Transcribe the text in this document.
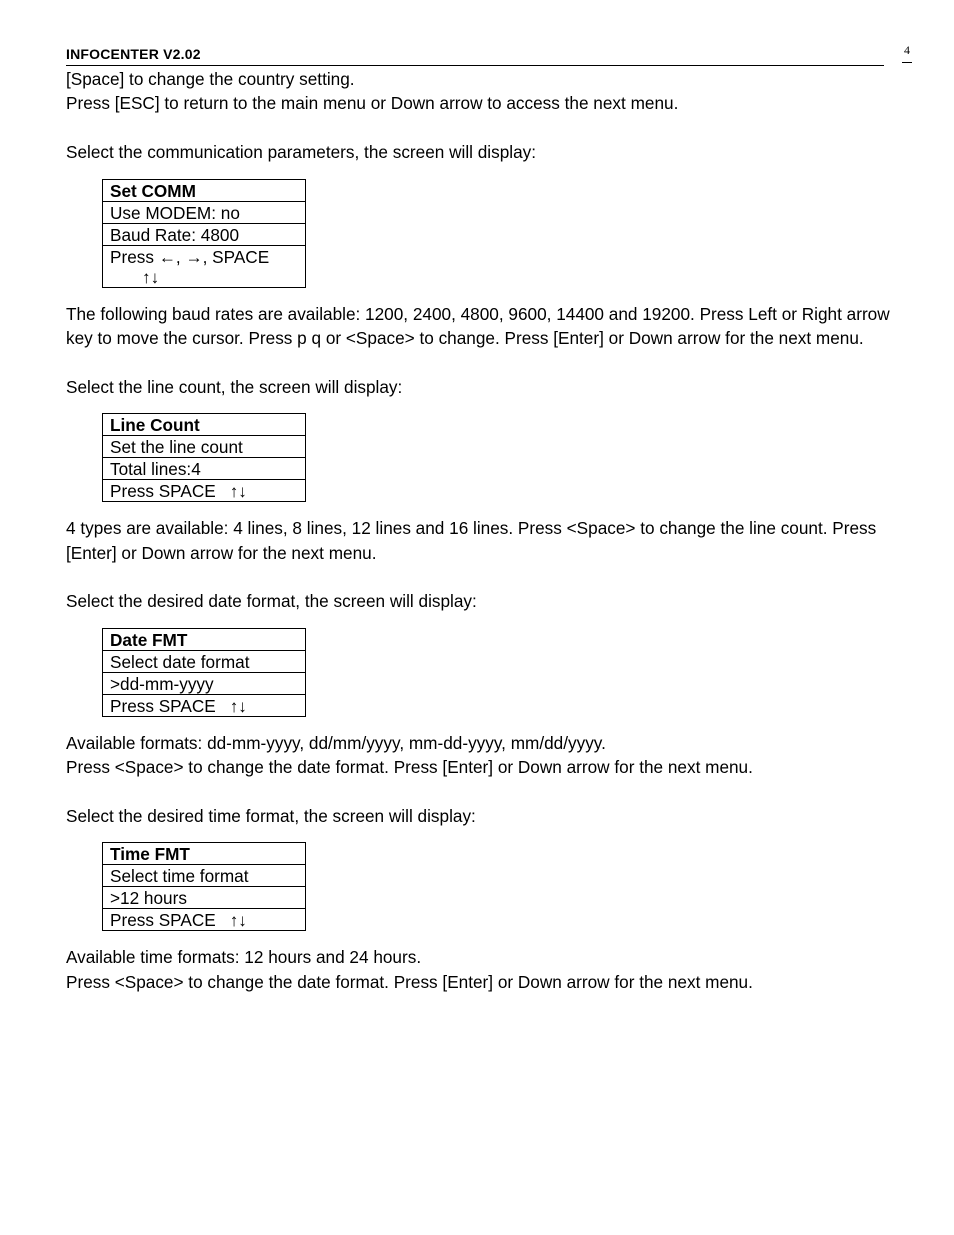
INFOCENTER V2.02	4

[Space] to change the country setting.

Press [ESC] to return to the main menu or Down arrow to access the next menu.

Select the communication parameters, the screen will display:

Set COMM
Use MODEM: no
Baud Rate: 4800
Press ←, →, SPACE
↑↓

The following baud rates are available: 1200, 2400, 4800, 9600, 14400 and 19200. Press Left or Right arrow key to move the cursor. Press p q or <Space> to change. Press [Enter] or Down arrow for the next menu.

Select the line count, the screen will display:

Line Count
Set the line count
Total lines:4
Press SPACE ↑↓

4 types are available: 4 lines, 8 lines, 12 lines and 16 lines. Press <Space> to change the line count. Press [Enter] or Down arrow for the next menu.

Select the desired date format, the screen will display:

Date FMT
Select date format
>dd-mm-yyyy
Press SPACE ↑↓

Available formats: dd-mm-yyyy, dd/mm/yyyy, mm-dd-yyyy, mm/dd/yyyy.

Press <Space> to change the date format. Press [Enter] or Down arrow for the next menu.

Select the desired time format, the screen will display:

Time FMT
Select time format
>12 hours
Press SPACE ↑↓

Available time formats: 12 hours and 24 hours.

Press <Space> to change the date format. Press [Enter] or Down arrow for the next menu.
